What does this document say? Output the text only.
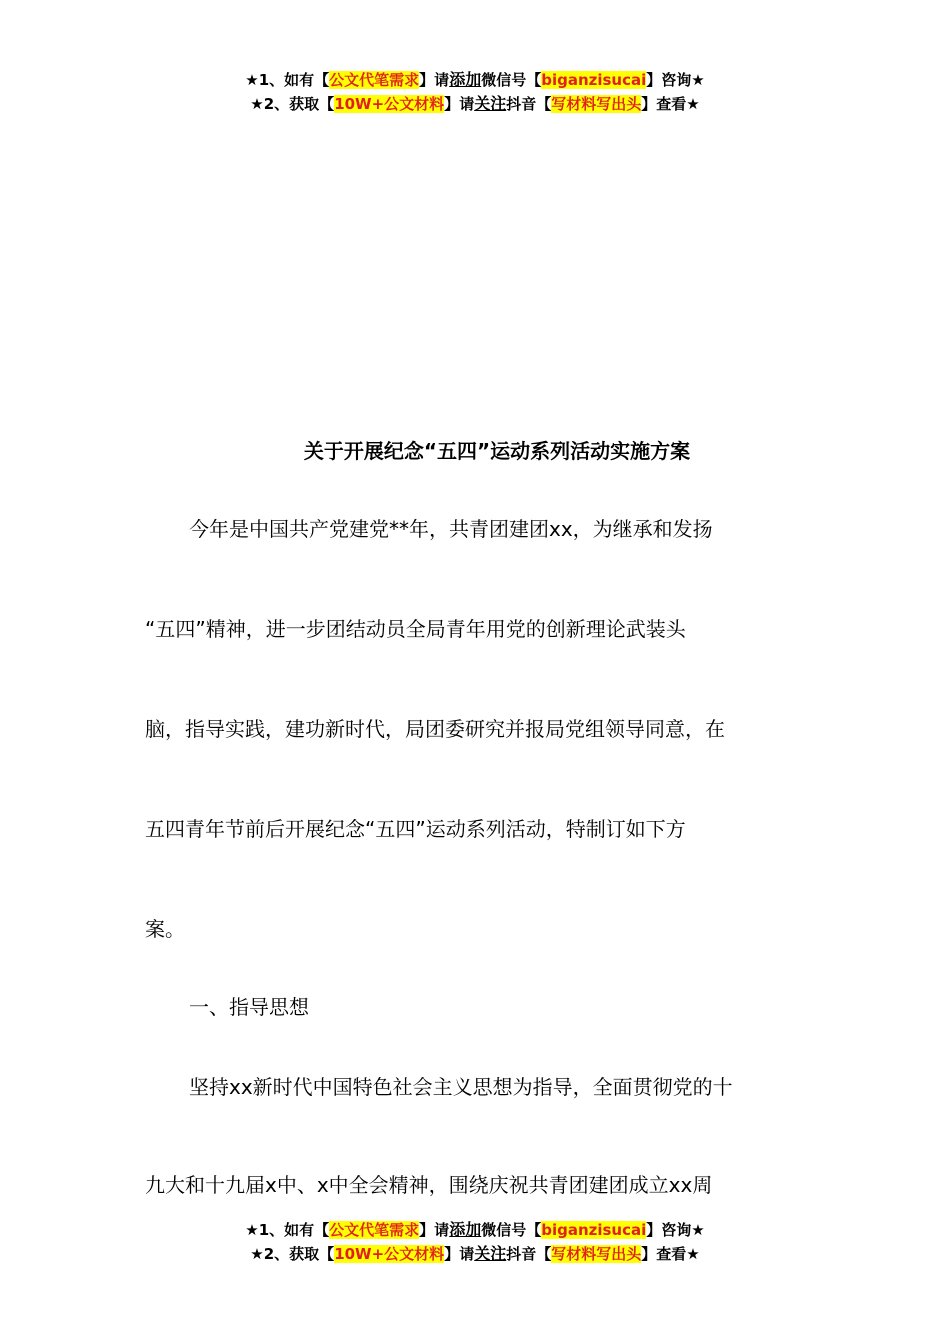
★1、如有【公文代笔需求】请添加微信号【biganzisucai】咨询★
★2、获取【10W+公文材料】请关注抖音【写材料写出头】查看★
关于开展纪念“五四”运动系列活动实施方案
今年是中国共产党建党**年，共青团建团xx，为继承和发扬
“五四”精神，进一步团结动员全局青年用党的创新理论武装头
脑，指导实践，建功新时代，局团委研究并报局党组领导同意，在
五四青年节前后开展纪念“五四”运动系列活动，特制订如下方
案。
一、指导思想
坚持xx新时代中国特色社会主义思想为指导，全面贯彻党的十
九大和十九届x中、x中全会精神，围绕庆祝共青团建团成立xx周
★1、如有【公文代笔需求】请添加微信号【biganzisucai】咨询★
★2、获取【10W+公文材料】请关注抖音【写材料写出头】查看★
